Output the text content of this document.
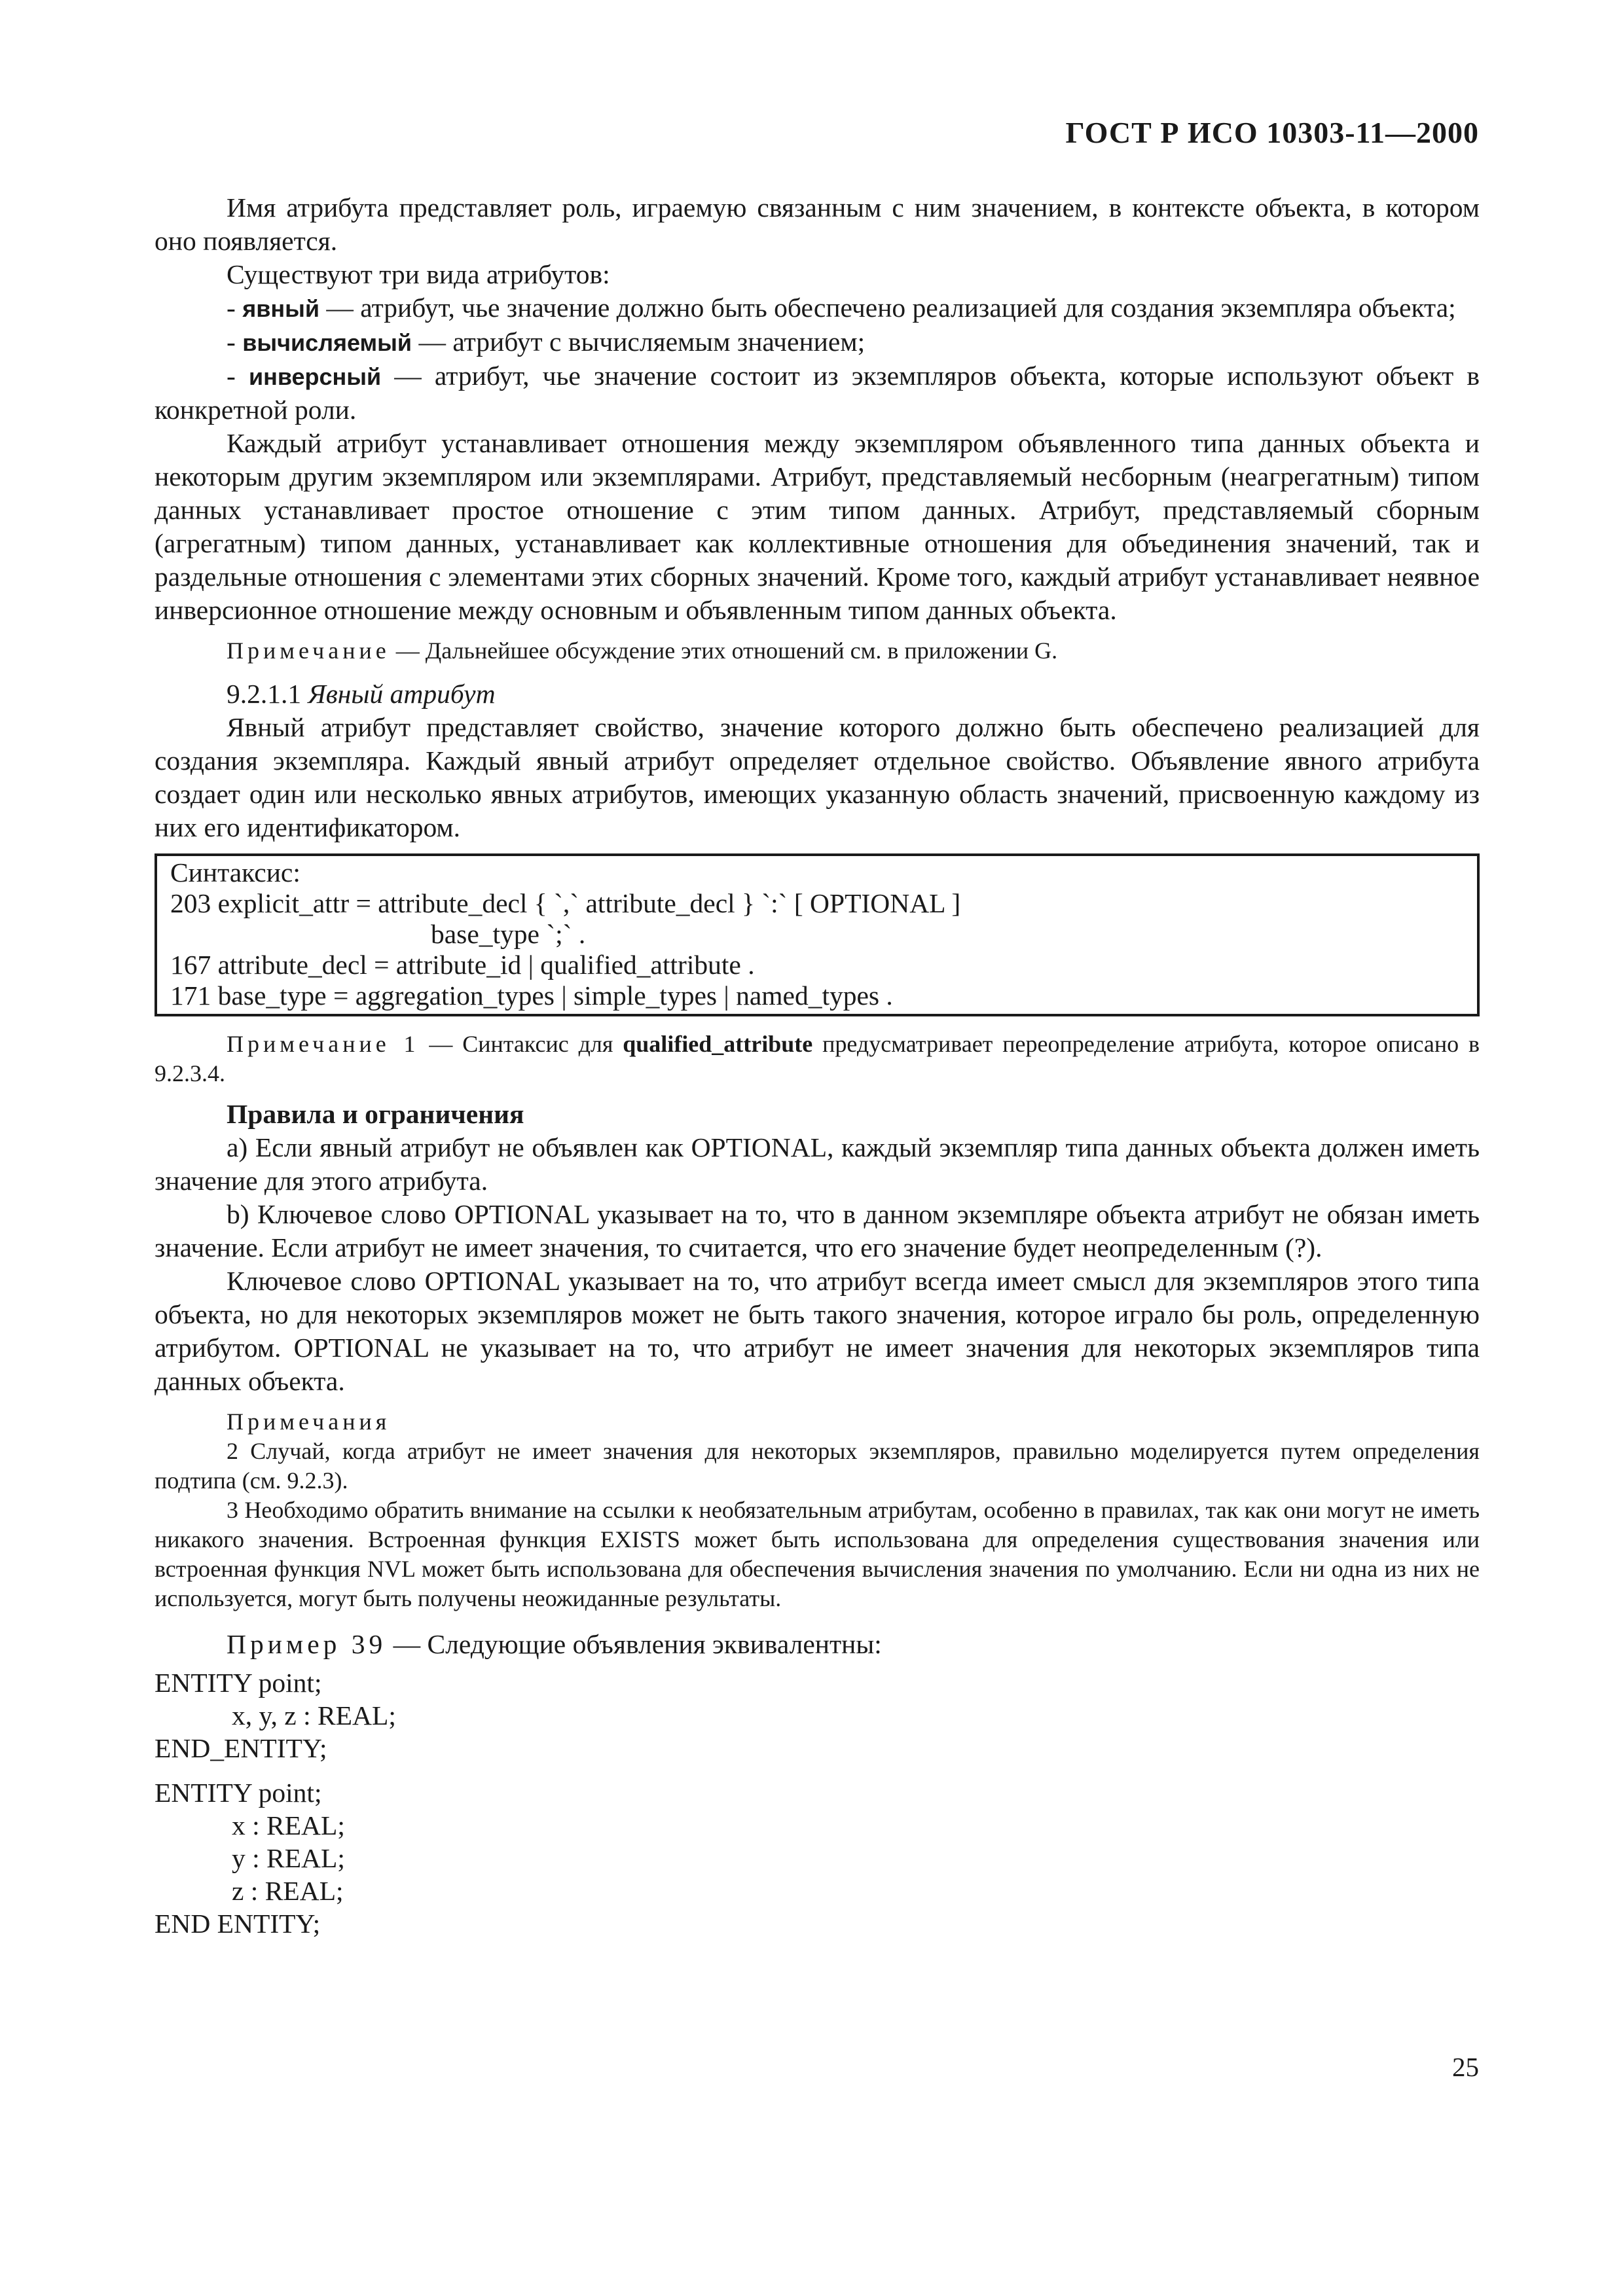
ГОСТ Р ИСО 10303-11—2000

Имя атрибута представляет роль, играемую связанным с ним значением, в контексте объекта, в котором оно появляется.

Существуют три вида атрибутов:

- явный — атрибут, чье значение должно быть обеспечено реализацией для создания экземпляра объекта;

- вычисляемый — атрибут с вычисляемым значением;

- инверсный — атрибут, чье значение состоит из экземпляров объекта, которые используют объект в конкретной роли.

Каждый атрибут устанавливает отношения между экземпляром объявленного типа данных объекта и некоторым другим экземпляром или экземплярами. Атрибут, представляемый несборным (неагрегатным) типом данных устанавливает простое отношение с этим типом данных. Атрибут, представляемый сборным (агрегатным) типом данных, устанавливает как коллективные отношения для объединения значений, так и раздельные отношения с элементами этих сборных значений. Кроме того, каждый атрибут устанавливает неявное инверсионное отношение между основным и объявленным типом данных объекта.

Примечание — Дальнейшее обсуждение этих отношений см. в приложении G.

9.2.1.1 Явный атрибут

Явный атрибут представляет свойство, значение которого должно быть обеспечено реализацией для создания экземпляра. Каждый явный атрибут определяет отдельное свойство. Объявление явного атрибута создает один или несколько явных атрибутов, имеющих указанную область значений, присвоенную каждому из них его идентификатором.

Синтаксис:
203 explicit_attr = attribute_decl { `,` attribute_decl } `:` [ OPTIONAL ]
base_type `;` .
167 attribute_decl = attribute_id | qualified_attribute .
171 base_type = aggregation_types | simple_types | named_types .

Примечание 1 — Синтаксис для qualified_attribute предусматривает переопределение атрибута, которое описано в 9.2.3.4.

Правила и ограничения

а) Если явный атрибут не объявлен как OPTIONAL, каждый экземпляр типа данных объекта должен иметь значение для этого атрибута.

b) Ключевое слово OPTIONAL указывает на то, что в данном экземпляре объекта атрибут не обязан иметь значение. Если атрибут не имеет значения, то считается, что его значение будет неопределенным (?).

Ключевое слово OPTIONAL указывает на то, что атрибут всегда имеет смысл для экземпляров этого типа объекта, но для некоторых экземпляров может не быть такого значения, которое играло бы роль, определенную атрибутом. OPTIONAL не указывает на то, что атрибут не имеет значения для некоторых экземпляров типа данных объекта.

Примечания

2 Случай, когда атрибут не имеет значения для некоторых экземпляров, правильно моделируется путем определения подтипа (см. 9.2.3).

3 Необходимо обратить внимание на ссылки к необязательным атрибутам, особенно в правилах, так как они могут не иметь никакого значения. Встроенная функция EXISTS может быть использована для определения существования значения или встроенная функция NVL может быть использована для обеспечения вычисления значения по умолчанию. Если ни одна из них не используется, могут быть получены неожиданные результаты.

Пример 39 — Следующие объявления эквивалентны:

ENTITY point;
x, y, z : REAL;
END_ENTITY;
ENTITY point;
x : REAL;
y : REAL;
z : REAL;
END ENTITY;
25
